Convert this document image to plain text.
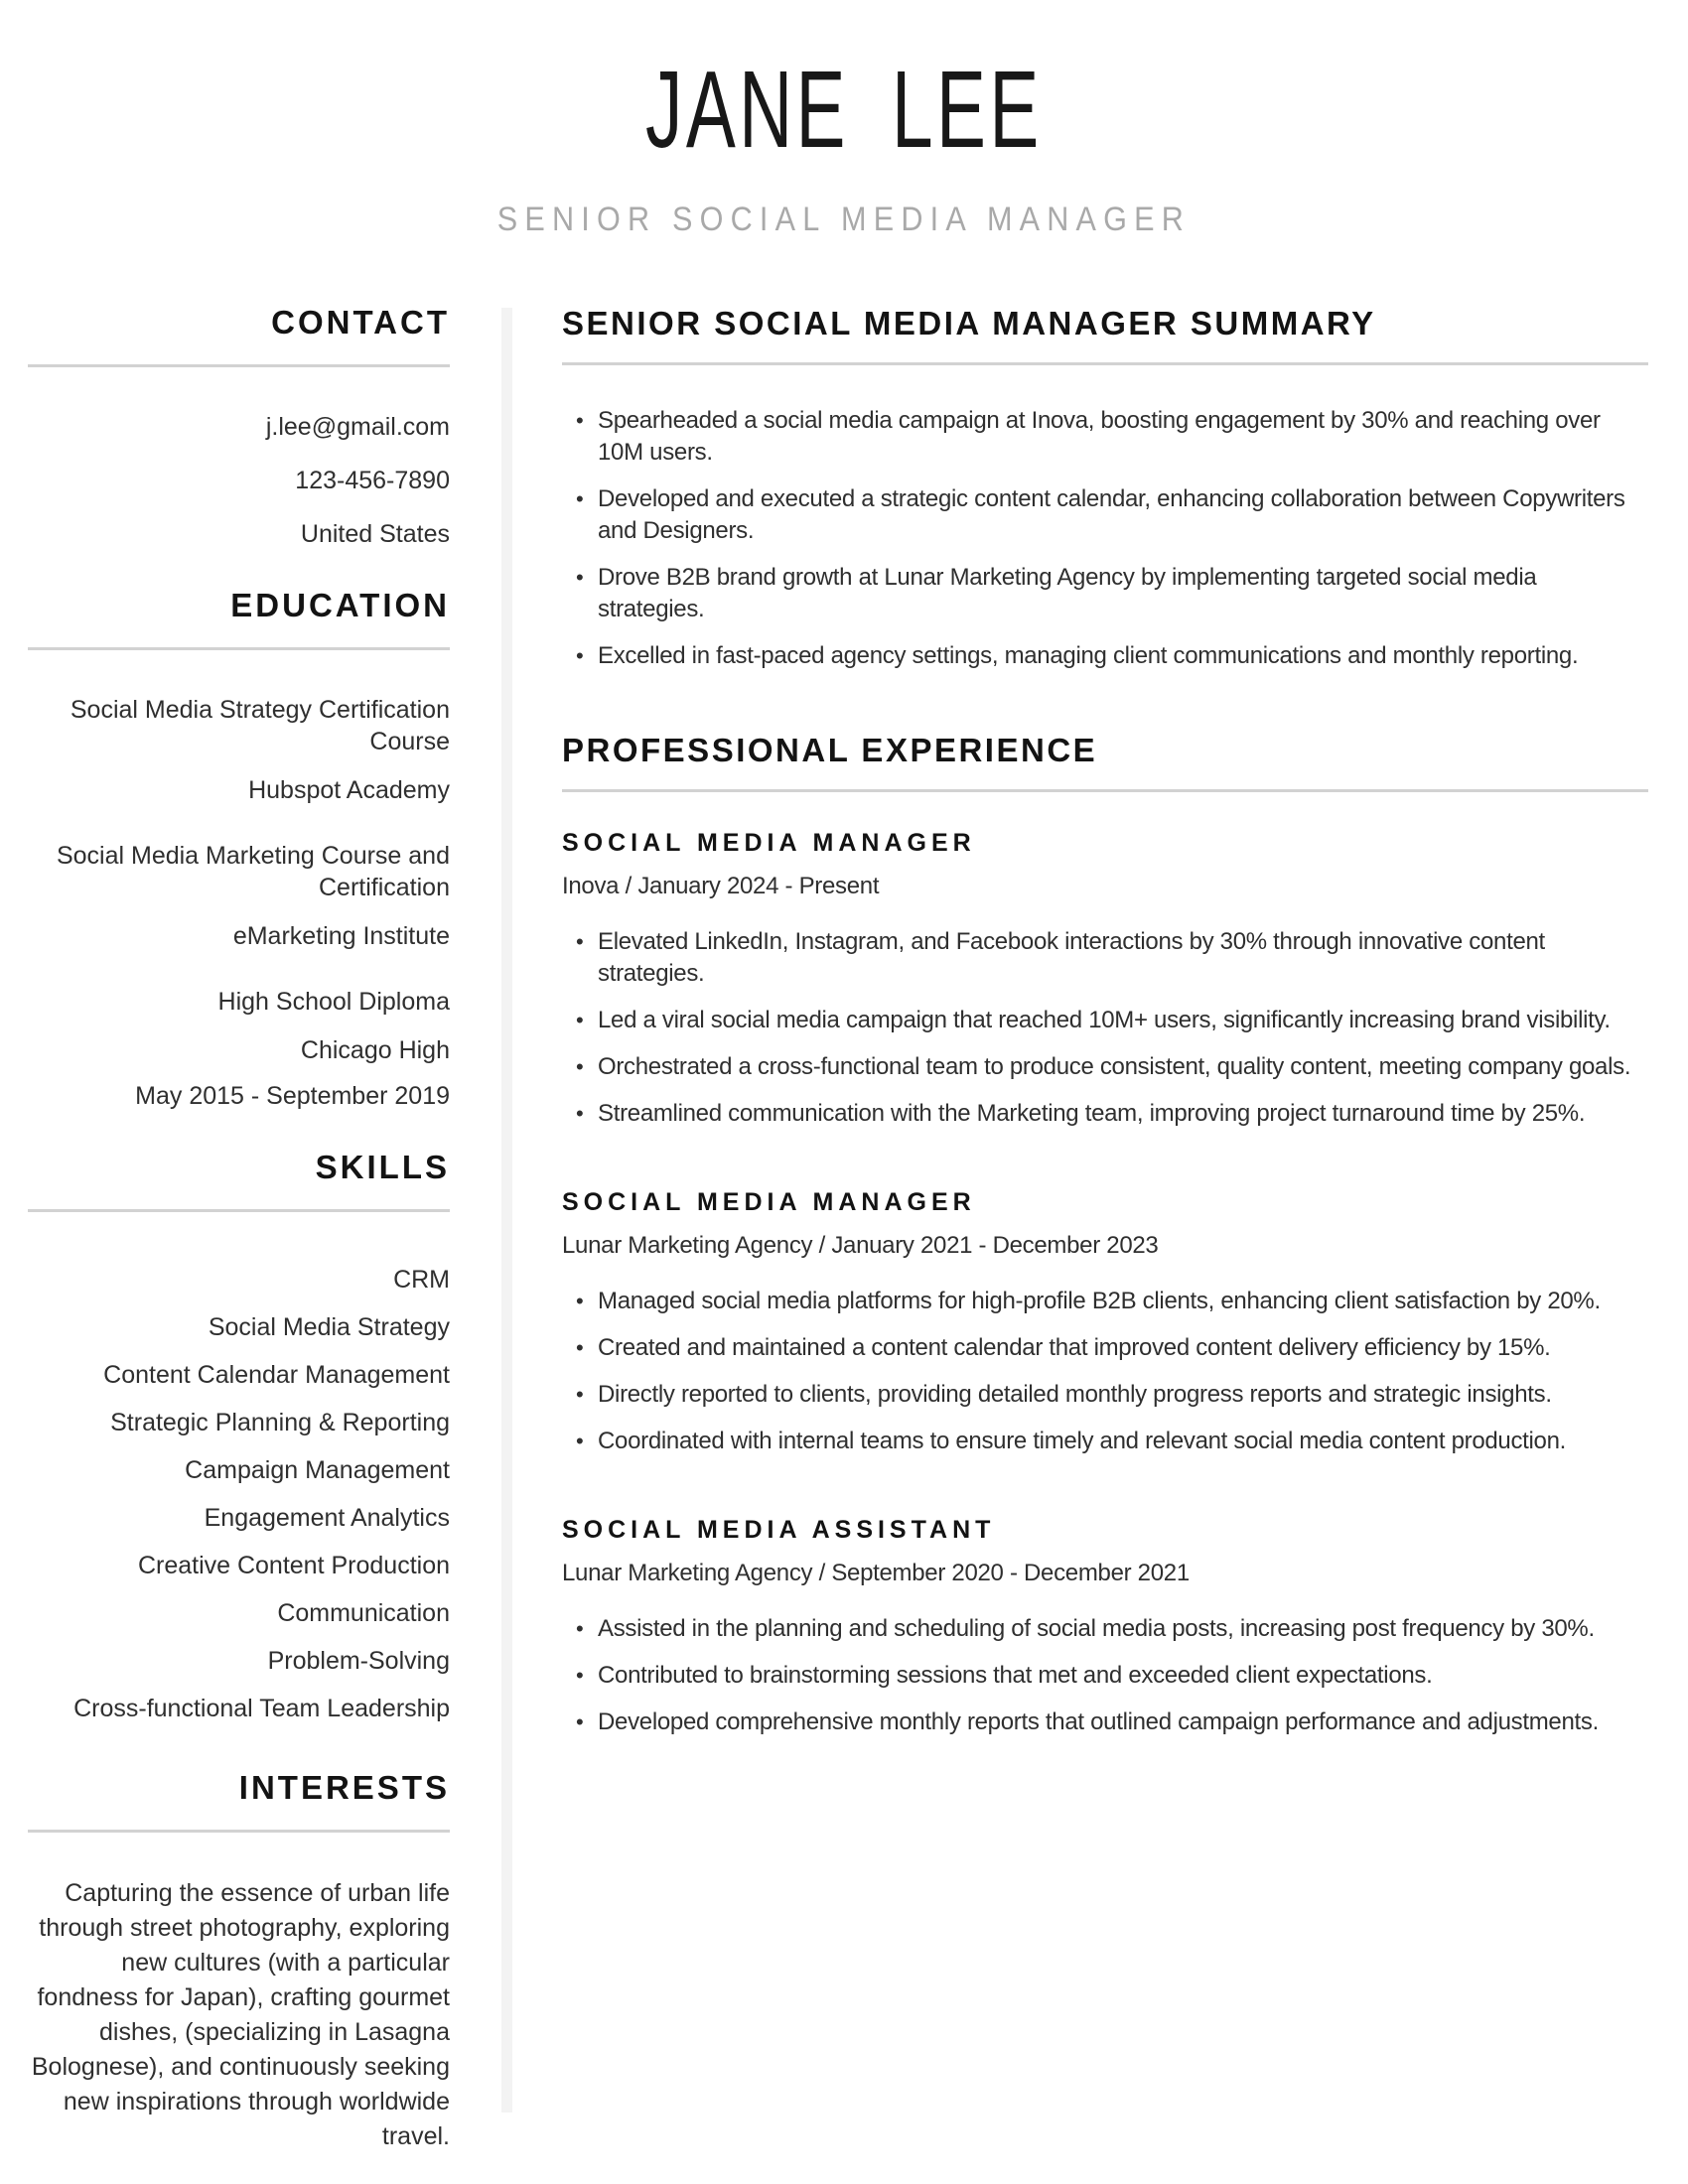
JANE LEE
SENIOR SOCIAL MEDIA MANAGER
CONTACT
j.lee@gmail.com
123-456-7890
United States
EDUCATION
Social Media Strategy Certification Course
Hubspot Academy
Social Media Marketing Course and Certification
eMarketing Institute
High School Diploma
Chicago High
May 2015 - September 2019
SKILLS
CRM
Social Media Strategy
Content Calendar Management
Strategic Planning & Reporting
Campaign Management
Engagement Analytics
Creative Content Production
Communication
Problem-Solving
Cross-functional Team Leadership
INTERESTS
Capturing the essence of urban life through street photography, exploring new cultures (with a particular fondness for Japan), crafting gourmet dishes, (specializing in Lasagna Bolognese), and continuously seeking new inspirations through worldwide travel.
SENIOR SOCIAL MEDIA MANAGER SUMMARY
• Spearheaded a social media campaign at Inova, boosting engagement by 30% and reaching over 10M users.
• Developed and executed a strategic content calendar, enhancing collaboration between Copywriters and Designers.
• Drove B2B brand growth at Lunar Marketing Agency by implementing targeted social media strategies.
• Excelled in fast-paced agency settings, managing client communications and monthly reporting.
PROFESSIONAL EXPERIENCE
SOCIAL MEDIA MANAGER
Inova / January 2024 - Present
• Elevated LinkedIn, Instagram, and Facebook interactions by 30% through innovative content strategies.
• Led a viral social media campaign that reached 10M+ users, significantly increasing brand visibility.
• Orchestrated a cross-functional team to produce consistent, quality content, meeting company goals.
• Streamlined communication with the Marketing team, improving project turnaround time by 25%.
SOCIAL MEDIA MANAGER
Lunar Marketing Agency / January 2021 - December 2023
• Managed social media platforms for high-profile B2B clients, enhancing client satisfaction by 20%.
• Created and maintained a content calendar that improved content delivery efficiency by 15%.
• Directly reported to clients, providing detailed monthly progress reports and strategic insights.
• Coordinated with internal teams to ensure timely and relevant social media content production.
SOCIAL MEDIA ASSISTANT
Lunar Marketing Agency / September 2020 - December 2021
• Assisted in the planning and scheduling of social media posts, increasing post frequency by 30%.
• Contributed to brainstorming sessions that met and exceeded client expectations.
• Developed comprehensive monthly reports that outlined campaign performance and adjustments.
